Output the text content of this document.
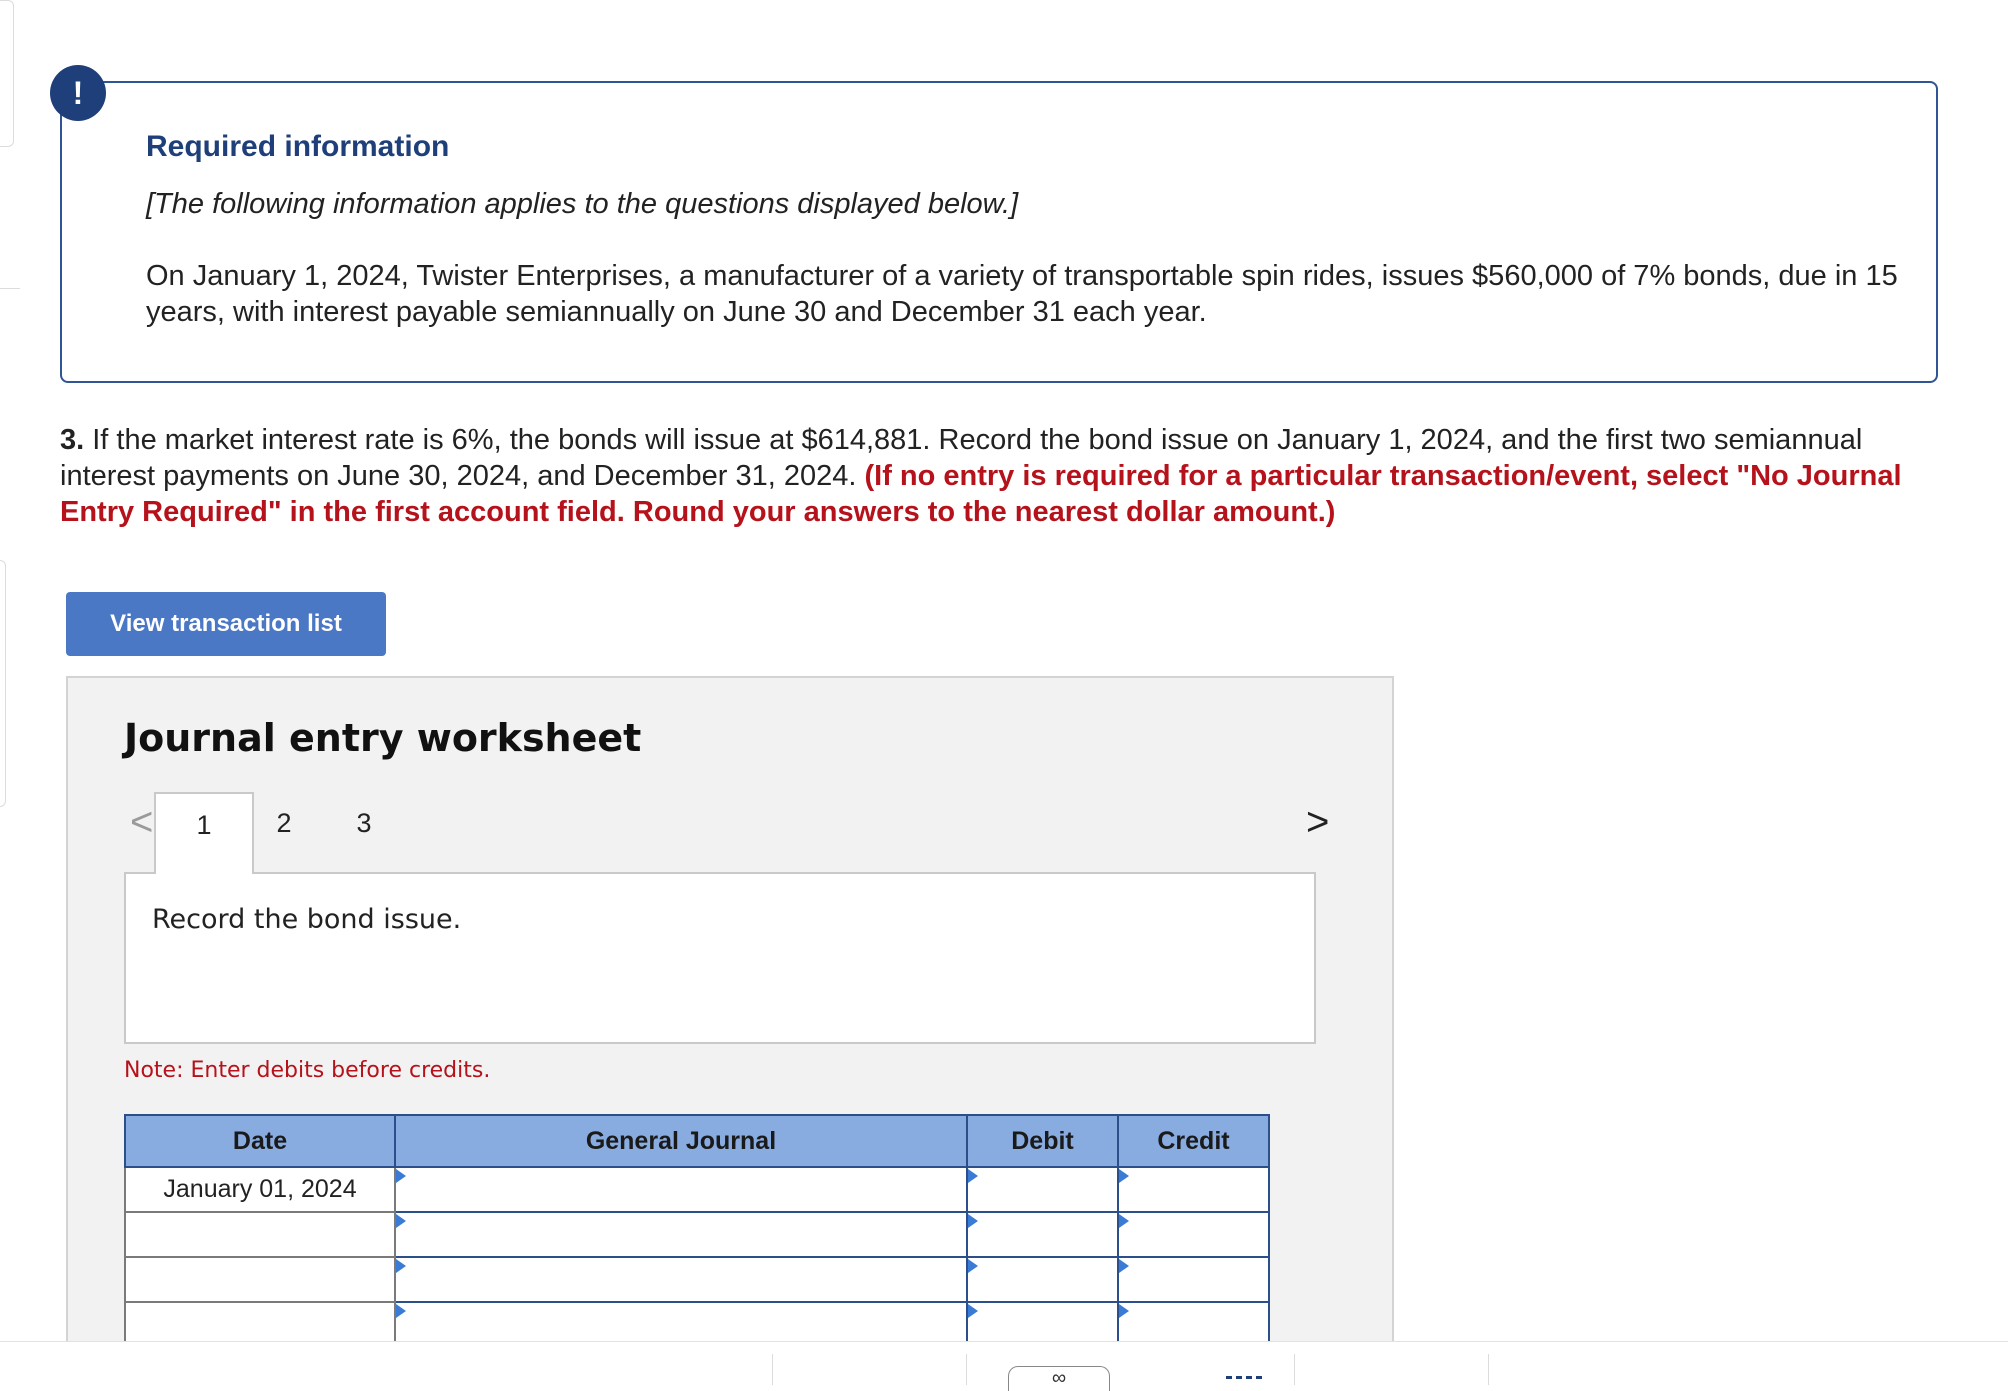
!
Required information
[The following information applies to the questions displayed below.]
On January 1, 2024, Twister Enterprises, a manufacturer of a variety of transportable spin rides, issues $560,000 of 7% bonds, due in 15 years, with interest payable semiannually on June 30 and December 31 each year.
3. If the market interest rate is 6%, the bonds will issue at $614,881. Record the bond issue on January 1, 2024, and the first two semiannual interest payments on June 30, 2024, and December 31, 2024. (If no entry is required for a particular transaction/event, select "No Journal Entry Required" in the first account field. Round your answers to the nearest dollar amount.)
View transaction list
Journal entry worksheet
<	1	2	3	>
Record the bond issue.
Note: Enter debits before credits.
Date	General Journal	Debit	Credit
January 01, 2024	

∞
